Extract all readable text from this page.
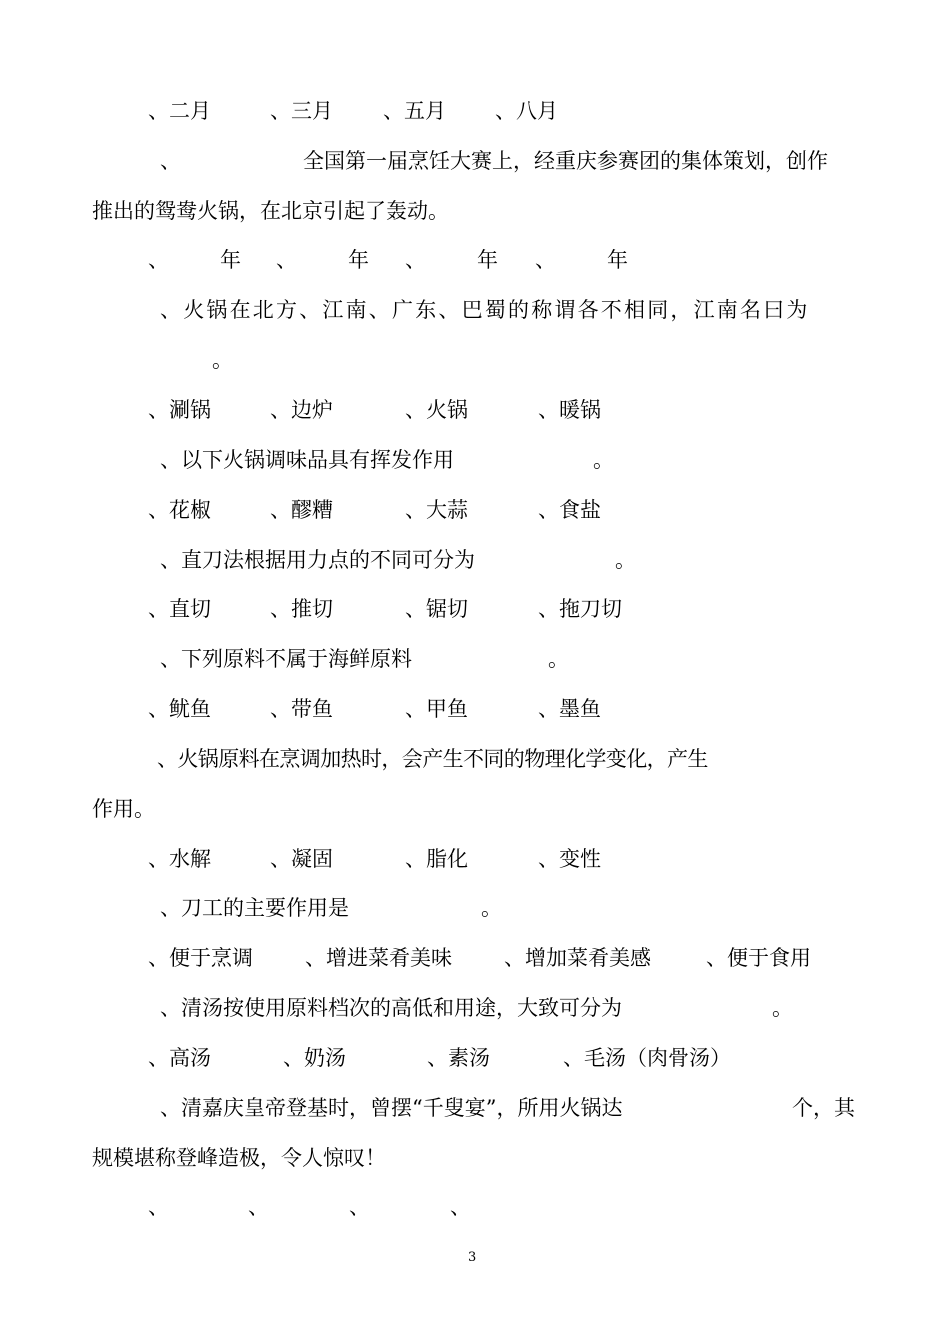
、二月	、三月 、五月 、八月
、	全国第一届烹饪大赛上，经重庆参赛团的集体策划，创作
推出的鸳鸯火锅，在北京引起了轰动。
、 年 、 年 、 年 、 年
、火锅在北方、江南、广东、巴蜀的称谓各不相同，江南名曰为
。
、涮锅	、边炉	、火锅	、暖锅
、以下火锅调味品具有挥发作用	。
、花椒	、醪糟	、大蒜	、食盐
、直刀法根据用力点的不同可分为	。
、直切	、推切	、锯切	、拖刀切
、下列原料不属于海鲜原料	。
、鱿鱼	、带鱼	、甲鱼	、墨鱼
、火锅原料在烹调加热时，会产生不同的物理化学变化，产生
作用。
、水解	、凝固	、脂化	、变性
、刀工的主要作用是	。
、便于烹调 、增进菜肴美味 、增加菜肴美感	、便于食用
、清汤按使用原料档次的高低和用途，大致可分为	。
、高汤	、奶汤	、素汤	、毛汤（肉骨汤）
、清嘉庆皇帝登基时，曾摆“千叟宴”，所用火锅达	个，其
规模堪称登峰造极，令人惊叹！
、	、	、	、
3
